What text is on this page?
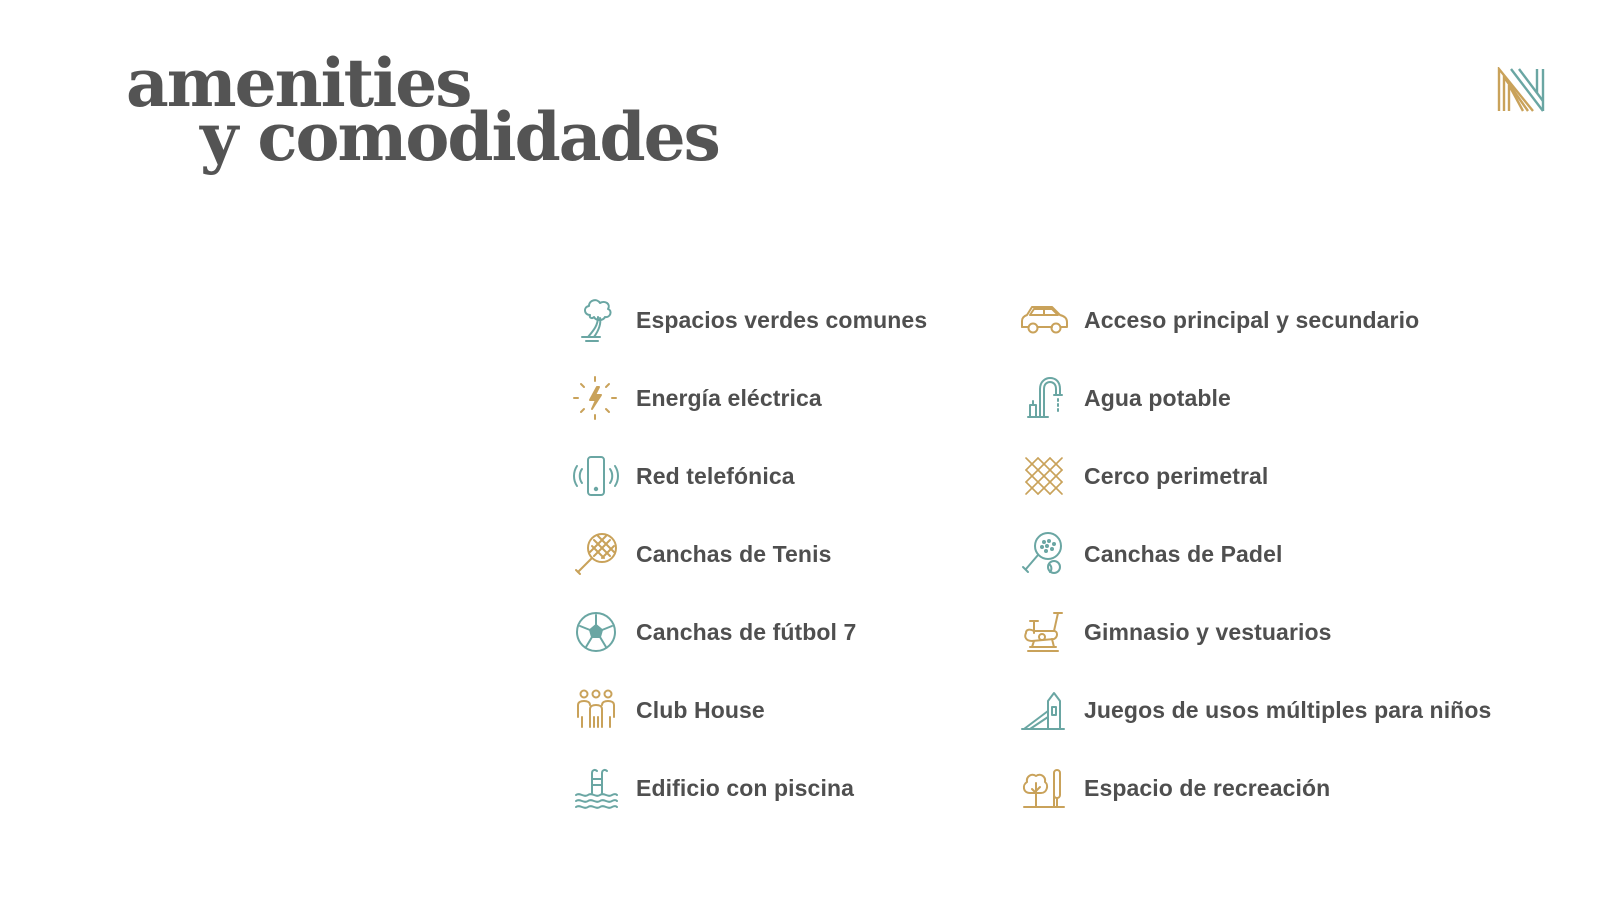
amenities
y comodidades
Espacios verdes comunes
Energía eléctrica
Red telefónica
Canchas de Tenis
Canchas de fútbol 7
Club House
Edificio con piscina
Acceso principal y secundario
Agua potable
Cerco perimetral
Canchas de Padel
Gimnasio y vestuarios
Juegos de usos múltiples para niños
Espacio de recreación
